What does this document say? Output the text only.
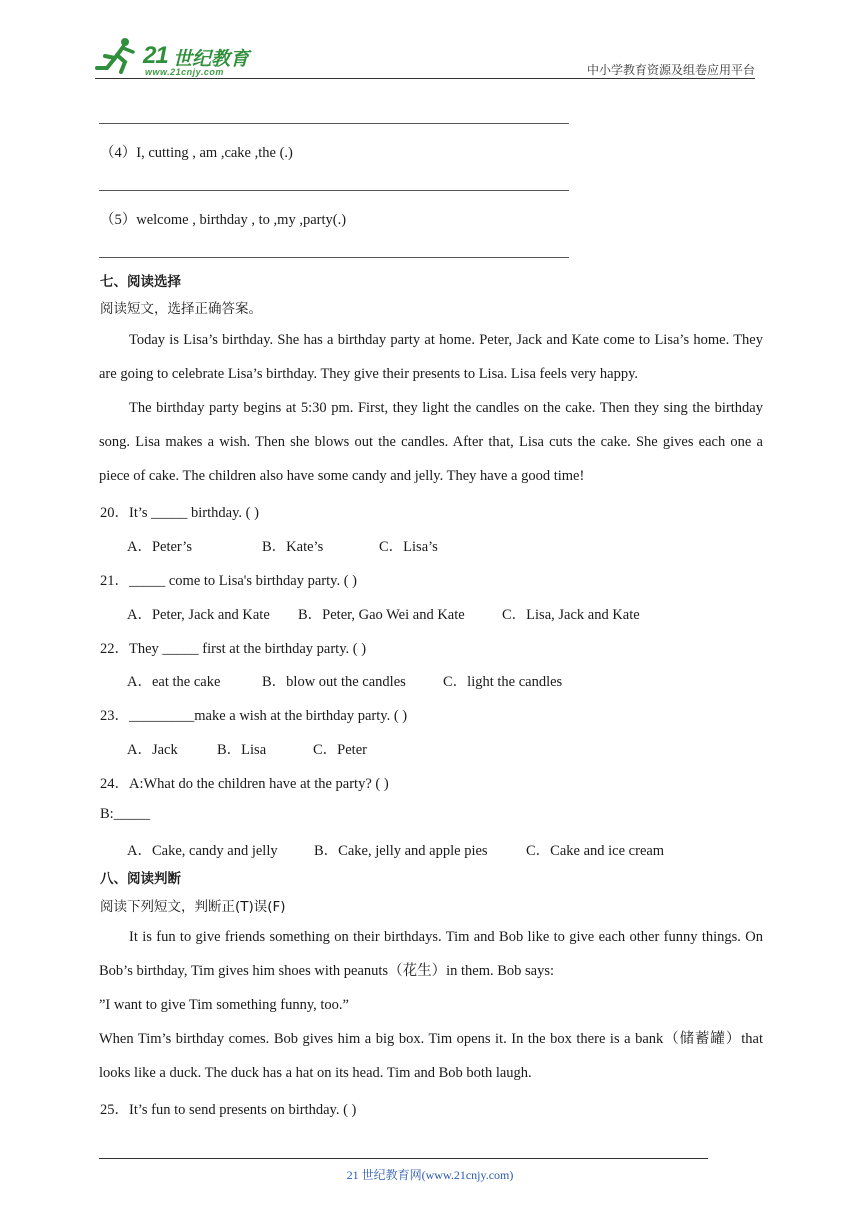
21 世纪教育
www.21cnjy.com	中小学教育资源及组卷应用平台
（4）I, cutting , am ,cake ,the (.)
（5）welcome , birthday , to ,my ,party(.)
七、阅读选择
阅读短文，选择正确答案。
Today is Lisa’s birthday. She has a birthday party at home. Peter, Jack and Kate come to Lisa’s home. They are going to celebrate Lisa’s birthday. They give their presents to Lisa. Lisa feels very happy.
The birthday party begins at 5:30 pm. First, they light the candles on the cake. Then they sing the birthday song. Lisa makes a wish. Then she blows out the candles. After that, Lisa cuts the cake. She gives each one a piece of cake. The children also have some candy and jelly. They have a good time!
20．It’s _____ birthday. ( )
A．Peter’s	B．Kate’s	C．Lisa’s
21．_____ come to Lisa's birthday party. ( )
A．Peter, Jack and Kate B．Peter, Gao Wei and Kate	C．Lisa, Jack and Kate
22．They _____ first at the birthday party. ( )
A．eat the cake	B．blow out the candles	C．light the candles
23．_________make a wish at the birthday party. ( )
A．Jack	B．Lisa	C．Peter
24．A:What do the children have at the party? ( )
B:_____
A．Cake, candy and jelly	B．Cake, jelly and apple pies	C．Cake and ice cream
八、阅读判断
阅读下列短文，判断正(T)误(F)
It is fun to give friends something on their birthdays. Tim and Bob like to give each other funny things. On Bob’s birthday, Tim gives him shoes with peanuts（花生）in them. Bob says:
”I want to give Tim something funny, too.”
When Tim’s birthday comes. Bob gives him a big box. Tim opens it. In the box there is a bank（储蓄罐）that looks like a duck. The duck has a hat on its head. Tim and Bob both laugh.
25．It’s fun to send presents on birthday. ( )
21 世纪教育网(www.21cnjy.com)
